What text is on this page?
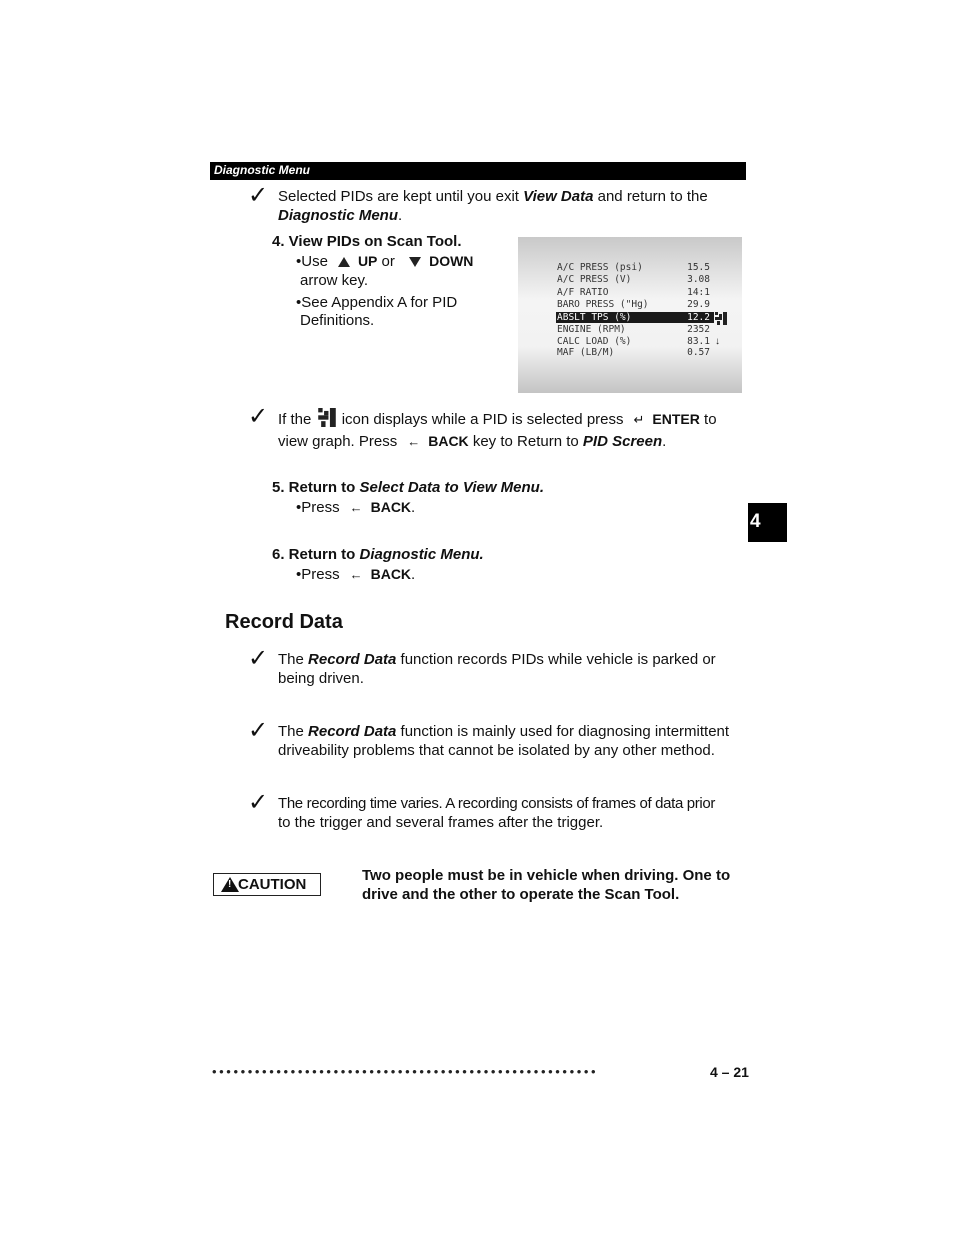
Diagnostic Menu
✓ Selected PIDs are kept until you exit View Data and return to the
Diagnostic Menu.
4. View PIDs on Scan Tool.
•Use UP or DOWN
arrow key.
•See Appendix A for PID
Definitions.
A/C PRESS (psi)	15.5
A/C PRESS (V)	3.08
A/F RATIO	14:1
BARO PRESS ("Hg)	29.9
ABSLT TPS (%)	12.2
ENGINE (RPM)	2352
CALC LOAD (%)	83.1 ↓
MAF (LB/M)	0.57
✓ If the icon displays while a PID is selected press ↵ ENTER to
view graph. Press ← BACK key to Return to PID Screen.
5. Return to Select Data to View Menu.
•Press ← BACK.
4
6. Return to Diagnostic Menu.
•Press ← BACK.
Record Data
✓ The Record Data function records PIDs while vehicle is parked or
being driven.
✓ The Record Data function is mainly used for diagnosing intermittent
driveability problems that cannot be isolated by any other method.
✓ The recording time varies. A recording consists of frames of data prior
to the trigger and several frames after the trigger.
! CAUTION
Two people must be in vehicle when driving. One to
drive and the other to operate the Scan Tool.
••••••••••••••••••••••••••••••••••••••••••••••••••••••	4 – 21
